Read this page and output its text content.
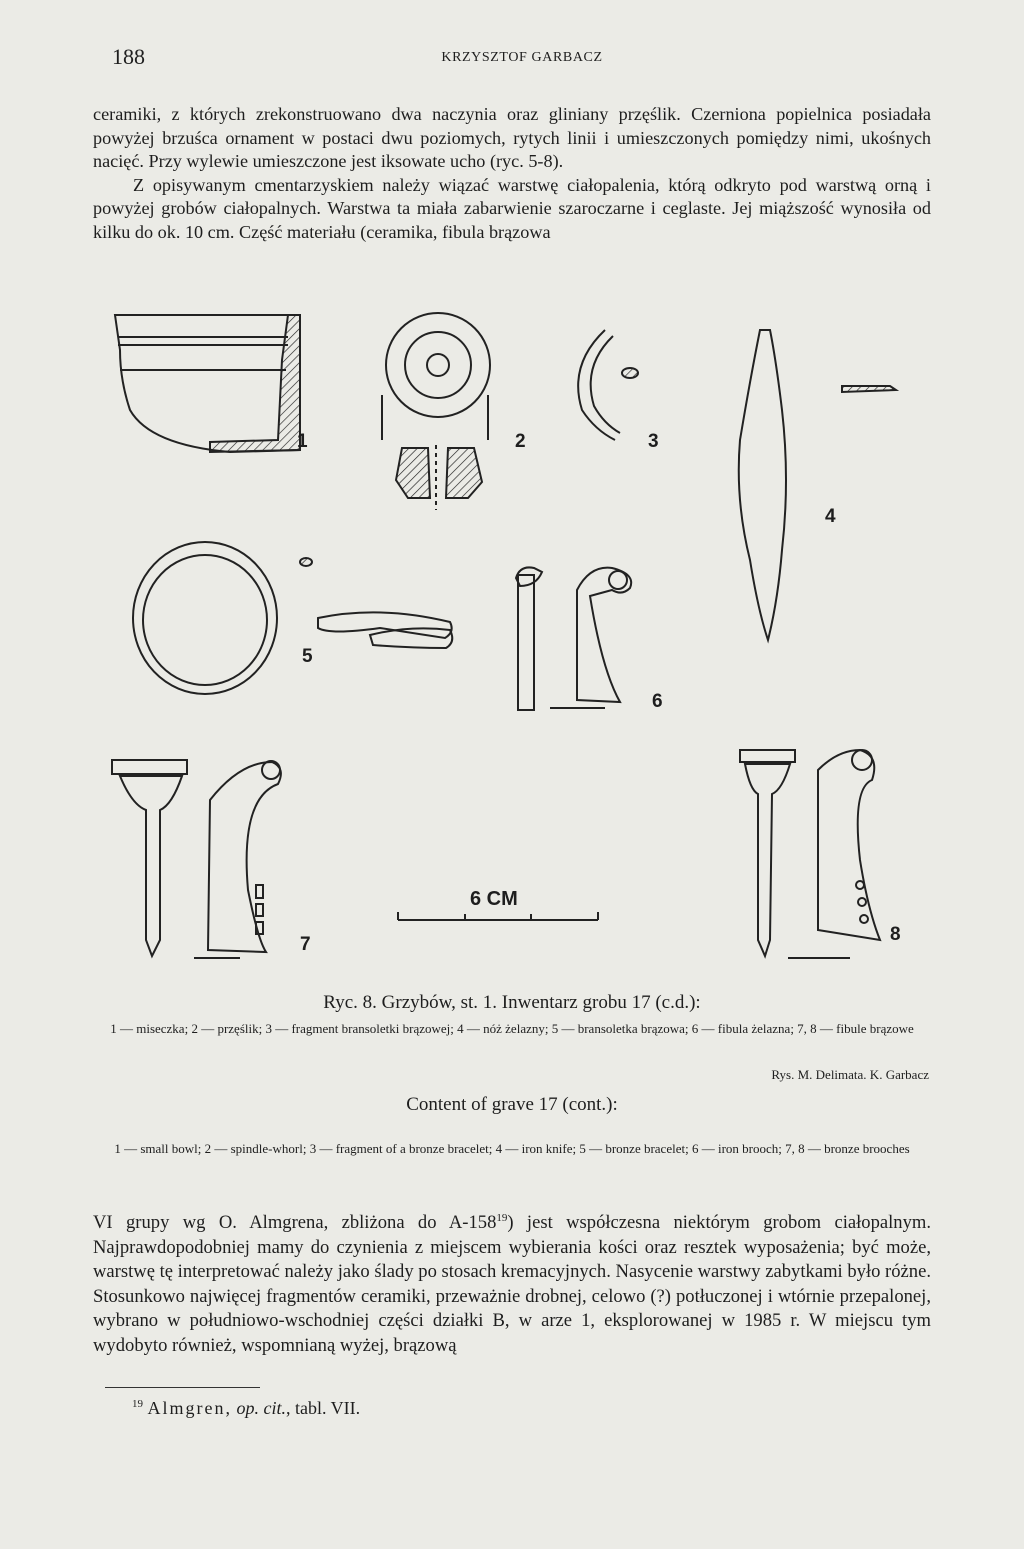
188	KRZYSZTOF GARBACZ

ceramiki, z których zrekonstruowano dwa naczynia oraz gliniany przęślik. Czerniona popielnica posiadała powyżej brzuśca ornament w postaci dwu poziomych, rytych linii i umieszczonych pomiędzy nimi, ukośnych nacięć. Przy wylewie umieszczone jest iksowate ucho (ryc. 5-8).
Z opisywanym cmentarzyskiem należy wiązać warstwę ciałopalenia, którą odkryto pod warstwą orną i powyżej grobów ciałopalnych. Warstwa ta miała zabarwienie szaroczarne i ceglaste. Jej miąższość wynosiła od kilku do ok. 10 cm. Część materiału (ceramika, fibula brązowa

1	2	3
4
5
6
7	8
6 CM
Ryc. 8. Grzybów, st. 1. Inwentarz grobu 17 (c.d.):
1 — miseczka; 2 — przęślik; 3 — fragment bransoletki brązowej; 4 — nóż żelazny; 5 — bransoletka brązowa; 6 — fibula żelazna; 7, 8 — fibule brązowe
Rys. M. Delimata. K. Garbacz
Content of grave 17 (cont.):
1 — small bowl; 2 — spindle-whorl; 3 — fragment of a bronze bracelet; 4 — iron knife; 5 — bronze bracelet; 6 — iron brooch; 7, 8 — bronze brooches

VI grupy wg O. Almgrena, zbliżona do $A-158^{19}$) jest współczesna niektórym grobom ciałopalnym. Najprawdopodobniej mamy do czynienia z miejscem wybierania kości oraz resztek wyposażenia; być może, warstwę tę interpretować należy jako ślady po stosach kremacyjnych. Nasycenie warstwy zabytkami było różne. Stosunkowo najwięcej fragmentów ceramiki, przeważnie drobnej, celowo (?) potłuczonej i wtórnie przepalonej, wybrano w południowo-wschodniej części działki B, w arze 1, eksplorowanej w 1985 r. W miejscu tym wydobyto również, wspomnianą wyżej, brązową

$^{19}$ Almgren, op. cit., tabl. VII.
